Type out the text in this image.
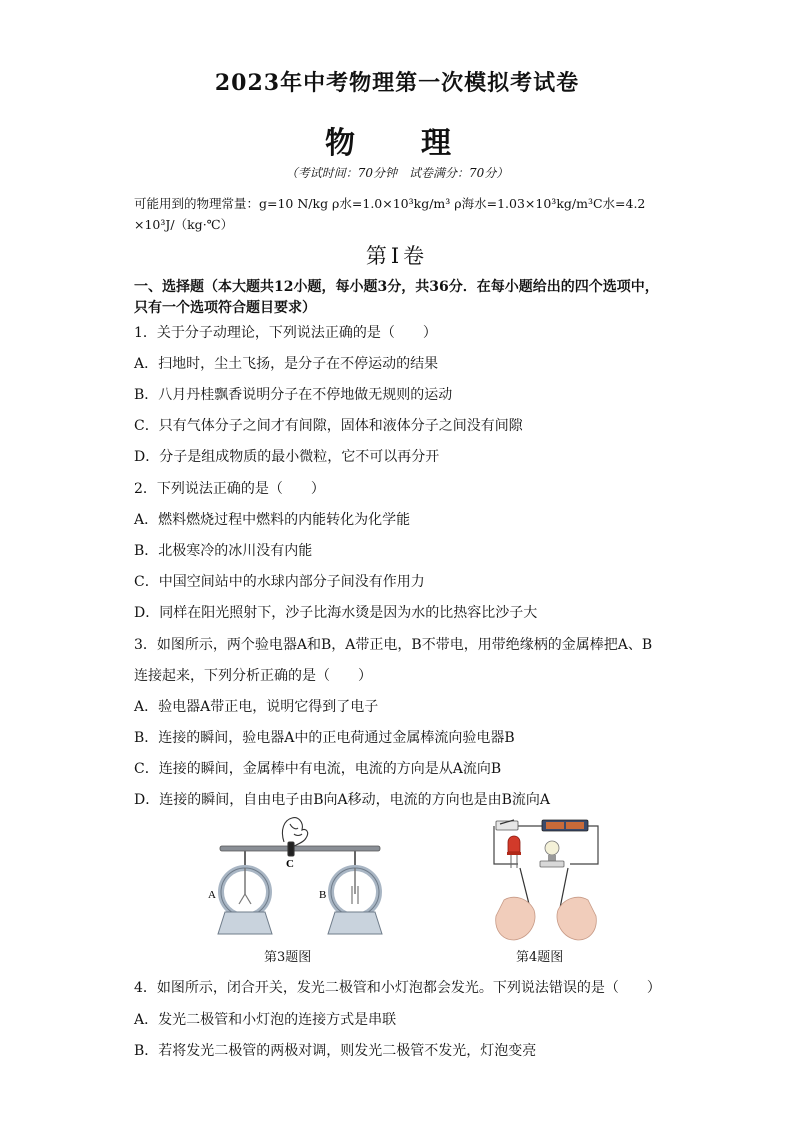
2023年中考物理第一次模拟考试卷
物　理
（考试时间：70分钟　试卷满分：70分）
可能用到的物理常量：g=10 N/kg ρ水=1.0×10³kg/m³ ρ海水=1.03×10³kg/m³C水=4.2
×10³J/（kg·℃）
第Ⅰ卷
一、选择题（本大题共12小题，每小题3分，共36分．在每小题给出的四个选项中，
只有一个选项符合题目要求）
1．关于分子动理论，下列说法正确的是（　　）
A．扫地时，尘土飞扬，是分子在不停运动的结果
B．八月丹桂飘香说明分子在不停地做无规则的运动
C．只有气体分子之间才有间隙，固体和液体分子之间没有间隙
D．分子是组成物质的最小微粒，它不可以再分开
2．下列说法正确的是（　　）
A．燃料燃烧过程中燃料的内能转化为化学能
B．北极寒冷的冰川没有内能
C．中国空间站中的水球内部分子间没有作用力
D．同样在阳光照射下，沙子比海水烫是因为水的比热容比沙子大
3．如图所示，两个验电器A和B，A带正电，B不带电，用带绝缘柄的金属棒把A、B
连接起来，下列分析正确的是（　　）
A．验电器A带正电，说明它得到了电子
B．连接的瞬间，验电器A中的正电荷通过金属棒流向验电器B
C．连接的瞬间，金属棒中有电流，电流的方向是从A流向B
D．连接的瞬间，自由电子由B向A移动，电流的方向也是由B流向A
C
A	B
第3题图	第4题图
4．如图所示，闭合开关，发光二极管和小灯泡都会发光。下列说法错误的是（　　）
A．发光二极管和小灯泡的连接方式是串联
B．若将发光二极管的两极对调，则发光二极管不发光，灯泡变亮
